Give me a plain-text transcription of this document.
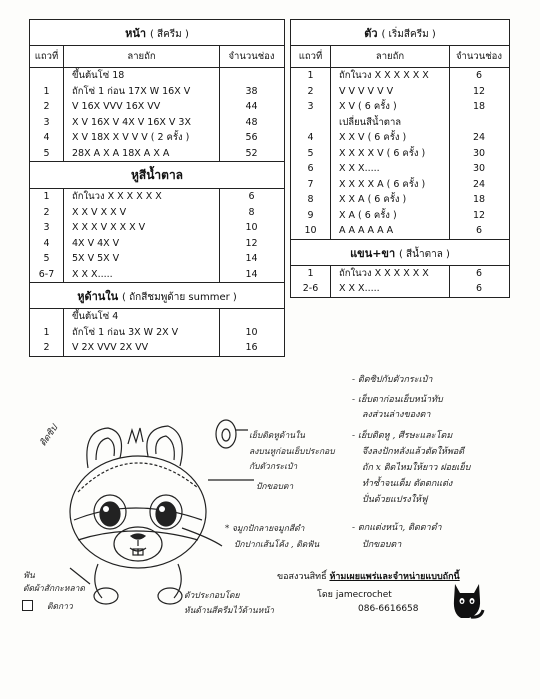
หน้า ( สีครีม )
แถวที่	ลายถัก	จำนวนช่อง
ขึ้นต้นโซ่ 18
1	ถักโซ่ 1 ก่อน 17X W 16X V	38
2	V 16X VVV 16X VV	44
3	X V 16X V 4X V 16X V 3X	48
4	X V 18X X V V V ( 2 ครั้ง )	56
5	28X A X A 18X A X A	52
หูสีน้ำตาล
1	ถักในวง X X X X X X	6
2	X X V X X V	8
3	X X X V X X X V	10
4	4X V 4X V	12
5	5X V 5X V	14
6-7	X X X.....	14
หูด้านใน ( ถักสีชมพูด้าย summer )
ขึ้นต้นโซ่ 4
1	ถักโซ่ 1 ก่อน 3X W 2X V	10
2	V 2X VVV 2X VV	16
ตัว ( เริ่มสีครีม )
แถวที่	ลายถัก	จำนวนช่อง
1	ถักในวง X X X X X X	6
2	V V V V V V	12
3	X V ( 6 ครั้ง )	18
เปลี่ยนสีน้ำตาล
4	X X V ( 6 ครั้ง )	24
5	X X X X V ( 6 ครั้ง )	30
6	X X X.....	30
7	X X X X A ( 6 ครั้ง )	24
8	X X A ( 6 ครั้ง )	18
9	X A ( 6 ครั้ง )	12
10	A A A A A A	6
แขน+ขา ( สีน้ำตาล )
1	ถักในวง X X X X X X	6
2-6	X X X.....	6
- ติดซิปกับตัวกระเป๋า
- เย็บตาก่อนเย็บหน้าทับ
ลงส่วนล่างของตา
- เย็บติดหู , ศีรษะและโดม
จึงลงปักหลังแล้วตัดให้พอดี
ถัก x ติดไหมให้ยาว ฝอยเย็บ
ทำซ้ำจนเต็ม ตัดตกแต่ง
ปั่นด้วยแปรงให้ฟู
- ตกแต่งหน้า, ติดตาดำ
ปักขอบตา
ติดซิป	เย็บติดหูด้านใน
ลงบนหูก่อนเย็บประกอบ
กับตัวกระเป๋า
ปักขอบตา
* จมูกปักลายจมูกสีดำ
ปักปากเส้นโค้ง , ติดฟัน
ฟัน
ตัดผ้าสักกะหลาด
ตัวประกอบโดย
หันด้านสีครีมไว้ด้านหน้า
ติดกาว
ขอสงวนสิทธิ์ ห้ามเผยแพร่และจำหน่ายแบบถักนี้
โดย jamecrochet
086-6616658
